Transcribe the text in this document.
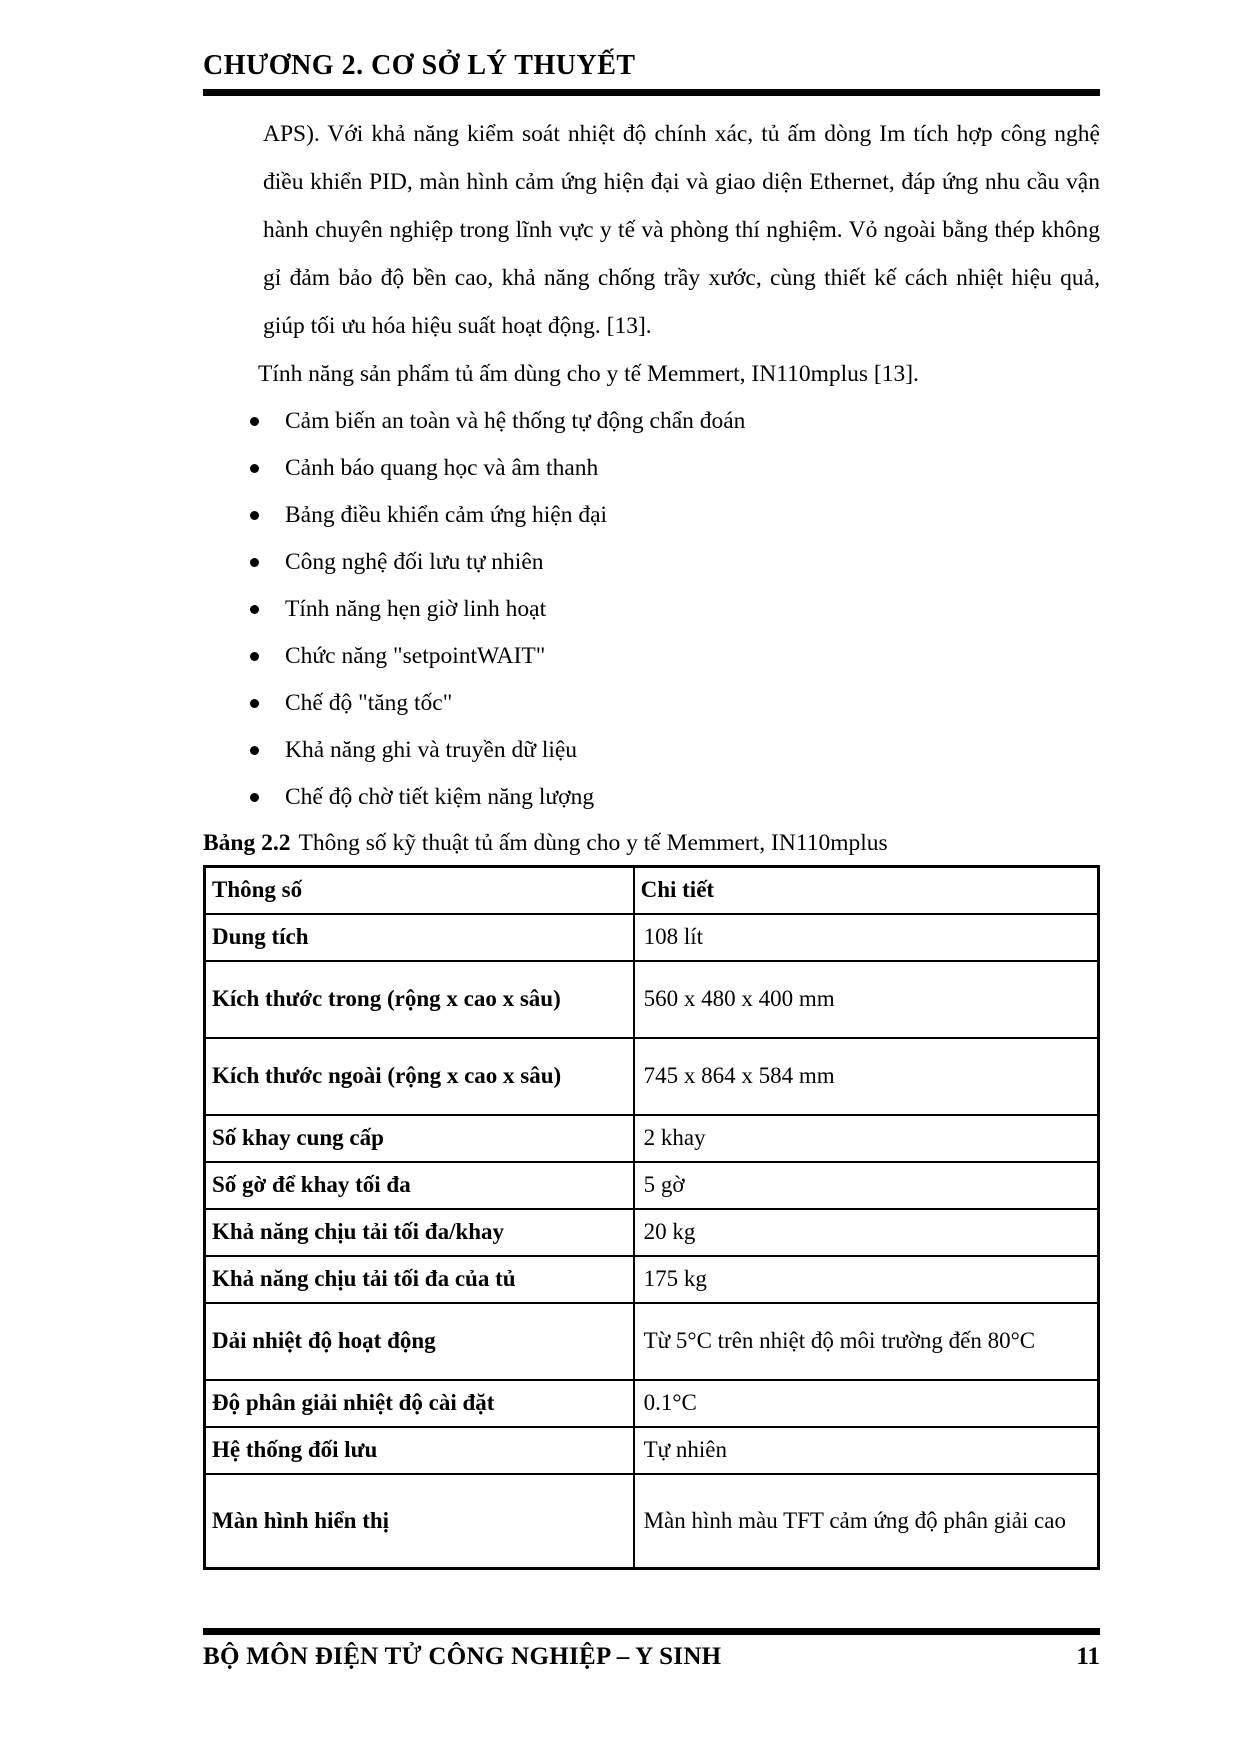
CHƯƠNG 2. CƠ SỞ LÝ THUYẾT

APS). Với khả năng kiểm soát nhiệt độ chính xác, tủ ấm dòng Im tích hợp công nghệ điều khiển PID, màn hình cảm ứng hiện đại và giao diện Ethernet, đáp ứng nhu cầu vận hành chuyên nghiệp trong lĩnh vực y tế và phòng thí nghiệm. Vỏ ngoài bằng thép không gỉ đảm bảo độ bền cao, khả năng chống trầy xước, cùng thiết kế cách nhiệt hiệu quả, giúp tối ưu hóa hiệu suất hoạt động. [13].

Tính năng sản phẩm tủ ấm dùng cho y tế Memmert, IN110mplus [13].
Cảm biến an toàn và hệ thống tự động chẩn đoán
Cảnh báo quang học và âm thanh
Bảng điều khiển cảm ứng hiện đại
Công nghệ đối lưu tự nhiên
Tính năng hẹn giờ linh hoạt
Chức năng "setpointWAIT"
Chế độ "tăng tốc"
Khả năng ghi và truyền dữ liệu
Chế độ chờ tiết kiệm năng lượng
Bảng 2.2 Thông số kỹ thuật tủ ấm dùng cho y tế Memmert, IN110mplus
Thông số	Chi tiết
Dung tích	108 lít
Kích thước trong (rộng x cao x sâu)	560 x 480 x 400 mm
Kích thước ngoài (rộng x cao x sâu)	745 x 864 x 584 mm
Số khay cung cấp	2 khay
Số gờ để khay tối đa	5 gờ
Khả năng chịu tải tối đa/khay	20 kg
Khả năng chịu tải tối đa của tủ	175 kg
Dải nhiệt độ hoạt động	Từ 5°C trên nhiệt độ môi trường đến 80°C
Độ phân giải nhiệt độ cài đặt	0.1°C
Hệ thống đối lưu	Tự nhiên
Màn hình hiển thị	Màn hình màu TFT cảm ứng độ phân giải cao
BỘ MÔN ĐIỆN TỬ CÔNG NGHIỆP – Y SINH	11
